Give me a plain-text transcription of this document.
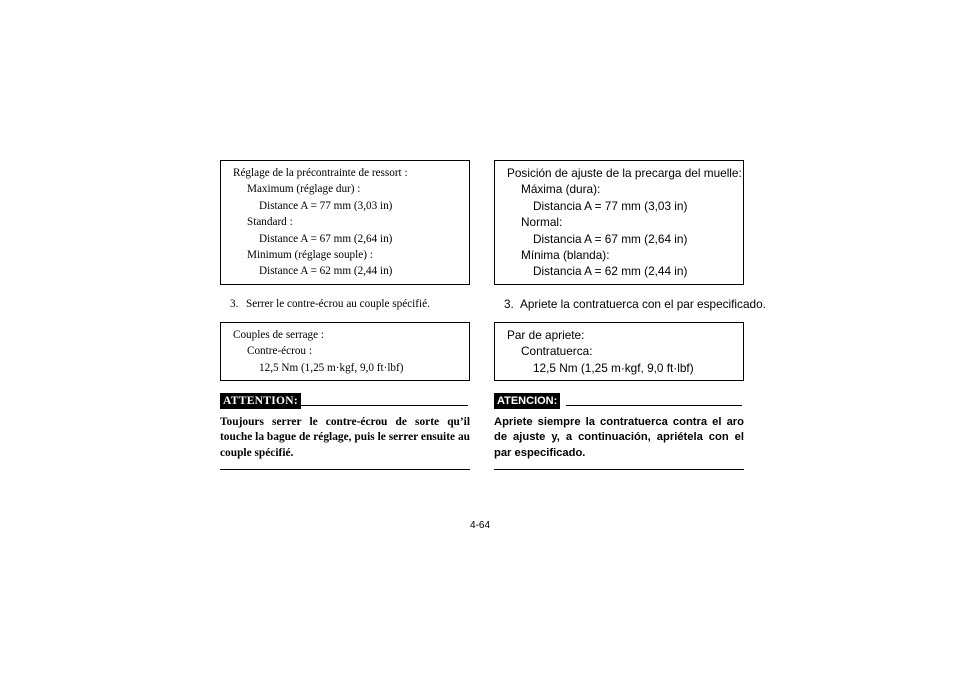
Réglage de la précontrainte de ressort :
Maximum (réglage dur) :
Distance A = 77 mm (3,03 in)
Standard :
Distance A = 67 mm (2,64 in)
Minimum (réglage souple) :
Distance A = 62 mm (2,44 in)
3. Serrer le contre-écrou au couple spécifié.
Couples de serrage :
Contre-écrou :
12,5 Nm (1,25 m·kgf, 9,0 ft·lbf)
ATTENTION:
Toujours serrer le contre-écrou de sorte qu’il touche la bague de réglage, puis le serrer ensuite au couple spécifié.
Posición de ajuste de la precarga del muelle:
Máxima (dura):
Distancia A = 77 mm (3,03 in)
Normal:
Distancia A = 67 mm (2,64 in)
Mínima (blanda):
Distancia A = 62 mm (2,44 in)
3. Apriete la contratuerca con el par especificado.
Par de apriete:
Contratuerca:
12,5 Nm (1,25 m·kgf, 9,0 ft·lbf)
ATENCION:
Apriete siempre la contratuerca contra el aro de ajuste y, a continuación, apriétela con el par especificado.
4-64
